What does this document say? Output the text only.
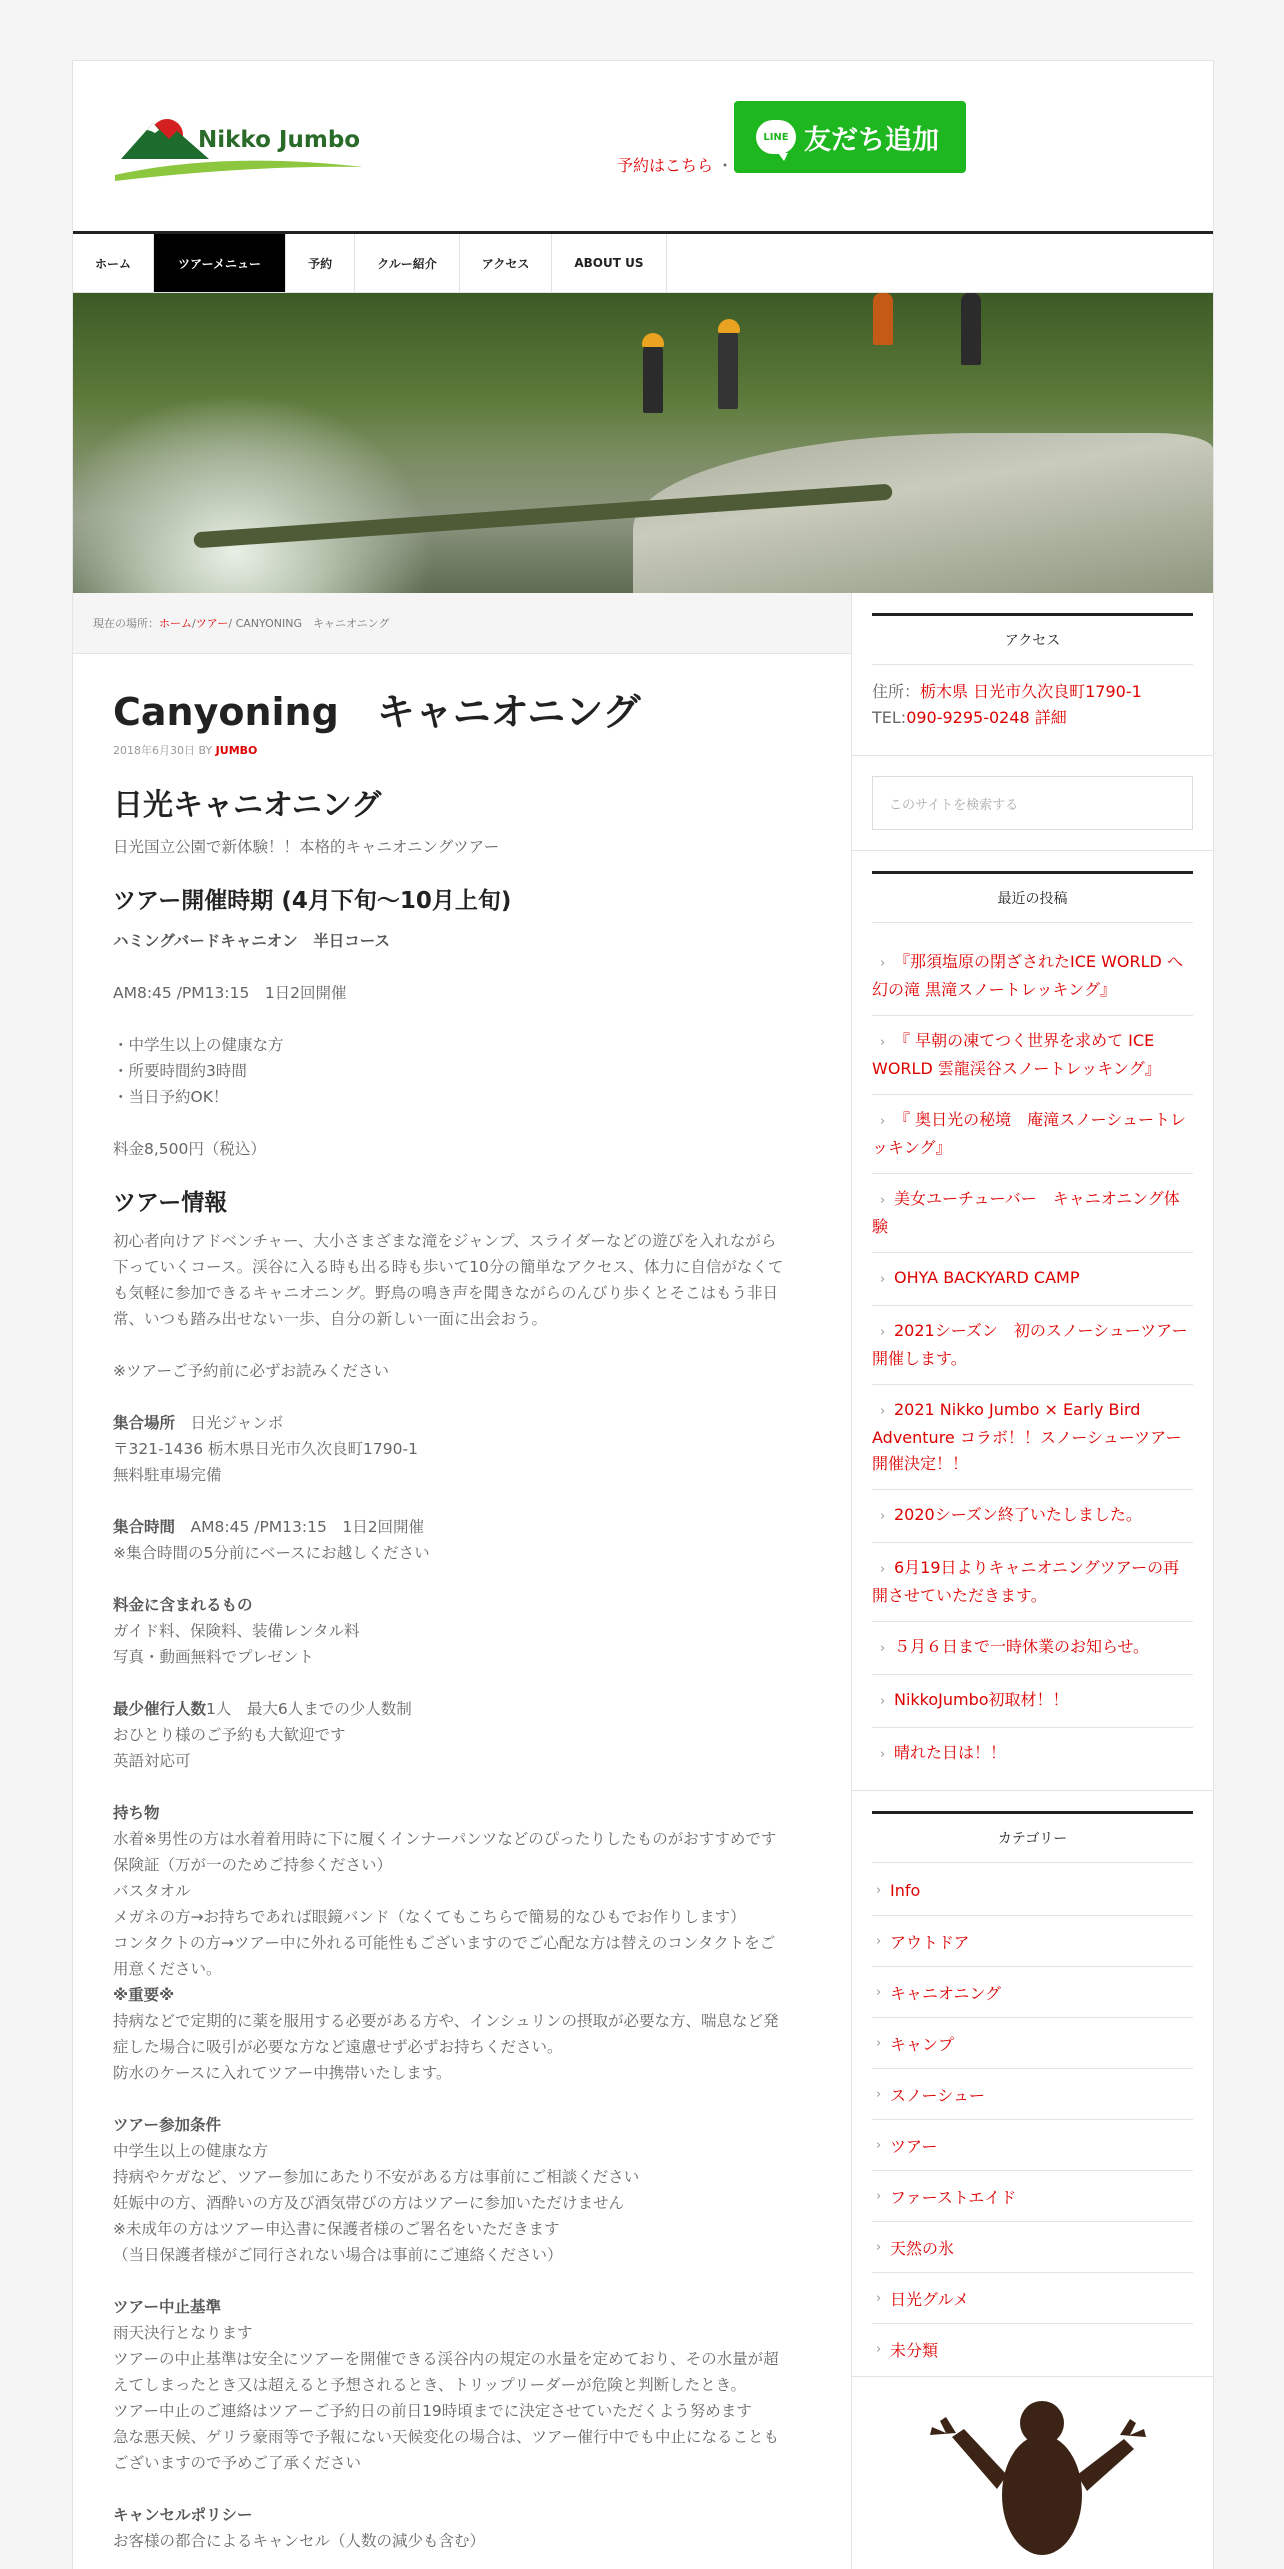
Nikko Jumbo
予約はこちら ・
LINE 友だち追加
ホーム	ツアーメニュー	予約	クルー紹介	アクセス	ABOUT US
現在の場所： ホーム / ツアー / CANYONING　キャニオニング
Canyoning　キャニオニング
2018年6月30日 BY JUMBO
日光キャニオニング

日光国立公園で新体験！！本格的キャニオニングツアー

ツアー開催時期 (4月下旬～10月上旬)

ハミングバードキャニオン　半日コース

AM8:45 /PM13:15　1日2回開催

・中学生以上の健康な方

・所要時間約3時間

・当日予約OK！

料金8,500円（税込）

ツアー情報

初心者向けアドベンチャー、大小さまざまな滝をジャンプ、スライダーなどの遊びを入れながら

下っていくコース。渓谷に入る時も出る時も歩いて10分の簡単なアクセス、体力に自信がなくて

も気軽に参加できるキャニオニング。野鳥の鳴き声を聞きながらのんびり歩くとそこはもう非日

常、いつも踏み出せない一歩、自分の新しい一面に出会おう。

※ツアーご予約前に必ずお読みください

集合場所　日光ジャンボ

〒321-1436 栃木県日光市久次良町1790-1

無料駐車場完備

集合時間　AM8:45 /PM13:15　1日2回開催

※集合時間の5分前にベースにお越しください

料金に含まれるもの

ガイド料、保険料、装備レンタル料

写真・動画無料でプレゼント

最少催行人数1人　最大6人までの少人数制

おひとり様のご予約も大歓迎です

英語対応可

持ち物

水着※男性の方は水着着用時に下に履くインナーパンツなどのぴったりしたものがおすすめです

保険証（万が一のためご持参ください）

バスタオル

メガネの方→お持ちであれば眼鏡バンド（なくてもこちらで簡易的なひもでお作りします）

コンタクトの方→ツアー中に外れる可能性もございますのでご心配な方は替えのコンタクトをご

用意ください。

※重要※

持病などで定期的に薬を服用する必要がある方や、インシュリンの摂取が必要な方、喘息など発

症した場合に吸引が必要な方など遠慮せず必ずお持ちください。

防水のケースに入れてツアー中携帯いたします。

ツアー参加条件

中学生以上の健康な方

持病やケガなど、ツアー参加にあたり不安がある方は事前にご相談ください

妊娠中の方、酒酔いの方及び酒気帯びの方はツアーに参加いただけません

※未成年の方はツアー申込書に保護者様のご署名をいただきます

（当日保護者様がご同行されない場合は事前にご連絡ください）

ツアー中止基準

雨天決行となります

ツアーの中止基準は安全にツアーを開催できる渓谷内の規定の水量を定めており、その水量が超

えてしまったとき又は超えると予想されるとき、トリップリーダーが危険と判断したとき。

ツアー中止のご連絡はツアーご予約日の前日19時頃までに決定させていただくよう努めます

急な悪天候、ゲリラ豪雨等で予報にない天候変化の場合は、ツアー催行中でも中止になることも

ございますので予めご了承ください

キャンセルポリシー

お客様の都合によるキャンセル（人数の減少も含む）

アクセス
住所：栃木県 日光市久次良町1790-1
TEL:090-9295-0248 詳細
このサイトを検索する
最近の投稿
› 『那須塩原の閉ざされたICE WORLD へ幻の滝 黒滝スノートレッキング』
› 『 早朝の凍てつく世界を求めて ICE WORLD 雲龍渓谷スノートレッキング』
› 『 奥日光の秘境　庵滝スノーシュートレッキング』
› 美女ユーチューバー　キャニオニング体験
› OHYA BACKYARD CAMP
› 2021シーズン　初のスノーシューツアー開催します。
› 2021 Nikko Jumbo × Early Bird Adventure コラボ！！スノーシューツアー開催決定！！
› 2020シーズン終了いたしました。
› 6月19日よりキャニオニングツアーの再開させていただきます。
› ５月６日まで一時休業のお知らせ。
› NikkoJumbo初取材！！
› 晴れた日は！！
カテゴリー
› Info
› アウトドア
› キャニオニング
› キャンプ
› スノーシュー
› ツアー
› ファーストエイド
› 天然の氷
› 日光グルメ
› 未分類
